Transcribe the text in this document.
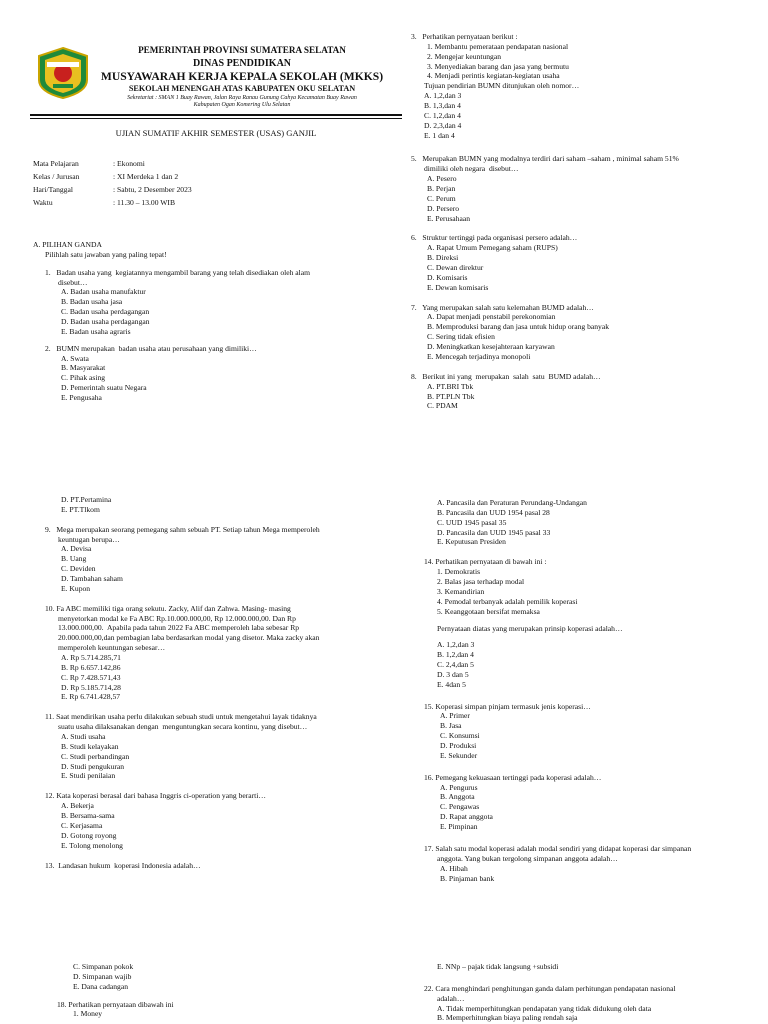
PEMERINTAH PROVINSI SUMATERA SELATAN
DINAS PENDIDIKAN
MUSYAWARAH KERJA KEPALA SEKOLAH (MKKS)
SEKOLAH MENENGAH ATAS KABUPATEN OKU SELATAN
Sekretariat : SMAN 1 Buay Rawan, Jalan Raya Ranau Gunung Cahya Kecamatan Buay Rawan
Kabupaten Ogan Komering Ulu Selatan
UJIAN SUMATIF AKHIR SEMESTER (USAS) GANJIL
Mata Pelajaran	: Ekonomi
Kelas / Jurusan	: XI Merdeka 1 dan 2
Hari/Tanggal	: Sabtu, 2 Desember 2023
Waktu	: 11.30 – 13.00 WIB
A. PILIHAN GANDA
Pilihlah satu jawaban yang paling tepat!
1.   Badan usaha yang  kegiatannya mengambil barang yang telah disediakan oleh alam
disebut…
A. Badan usaha manufaktur
B. Badan usaha jasa
C. Badan usaha perdagangan
D. Badan usaha perdagangan
E. Badan usaha agraris
2.   BUMN merupakan  badan usaha atau perusahaan yang dimiliki…
A. Swata
B. Masyarakat
C. Pihak asing
D. Pemerintah suatu Negara
E. Pengusaha
3.   Perhatikan pernyataan berikut :
1. Membantu pemerataan pendapatan nasional
2. Mengejar keuntungan
3. Menyediakan barang dan jasa yang bermutu
4. Menjadi perintis kegiatan-kegiatan usaha
Tujuan pendirian BUMN ditunjukan oleh nomor…
A. 1,2,dan 3
B. 1,3,dan 4
C. 1,2,dan 4
D. 2,3,dan 4
E. 1 dan 4
5.   Merupakan BUMN yang modalnya terdiri dari saham –saham , minimal saham 51%
dimiliki oleh negara  disebut…
A. Pesero
B. Perjan
C. Perum
D. Persero
E. Perusahaan
6.   Struktur tertinggi pada organisasi persero adalah…
A. Rapat Umum Pemegang saham (RUPS)
B. Direksi
C. Dewan direktur
D. Komisaris
E. Dewan komisaris
7.   Yang merupakan salah satu kelemahan BUMD adalah…
A. Dapat menjadi penstabil perekonomian
B. Memproduksi barang dan jasa untuk hidup orang banyak
C. Sering tidak efisien
D. Meningkatkan kesejahteraan karyawan
E. Mencegah terjadinya monopoli
8.   Berikut ini yang  merupakan  salah  satu  BUMD adalah…
A. PT.BRI Tbk
B. PT.PLN Tbk
C. PDAM
D. PT.Pertamina
E. PT.Tlkom
9.   Mega merupakan seorang pemegang sahm sebuah PT. Setiap tahun Mega memperoleh
keuntugan berupa…
A. Devisa
B. Uang
C. Deviden
D. Tambahan saham
E. Kupon
10. Fa ABC memiliki tiga orang sekutu. Zacky, Alif dan Zahwa. Masing- masing
menyetorkan modal ke Fa ABC Rp.10.000.000,00, Rp 12.000.000,00. Dan Rp
13.000.000,00.  Apabila pada tahun 2022 Fa ABC memperoleh laba sebesar Rp
20.000.000,00,dan pembagian laba berdasarkan modal yang disetor. Maka zacky akan
memperoleh keuntungan sebesar…
A. Rp 5.714.285,71
B. Rp 6.657.142,86
C. Rp 7.428.571,43
D. Rp 5.185.714,28
E. Rp 6.741.428,57
11. Saat mendirikan usaha perlu dilakukan sebuah studi untuk mengetahui layak tidaknya
suatu usaha dilaksanakan dengan  menguntungkan secara kontinu, yang disebut…
A. Studi usaha
B. Studi kelayakan
C. Studi perbandingan
D. Studi pengukuran
E. Studi penilaian
12. Kata koperasi berasal dari bahasa Inggris ci-operation yang berarti…
A. Bekerja
B. Bersama-sama
C. Kerjasama
D. Gotong royong
E. Tolong menolong
13.  Landasan hukum  koperasi Indonesia adalah…
A. Pancasila dan Peraturan Perundang-Undangan
B. Pancasila dan UUD 1954 pasal 28
C. UUD 1945 pasal 35
D. Pancasila dan UUD 1945 pasal 33
E. Keputusan Presiden
14. Perhatikan pernyataan di bawah ini :
1. Demokratis
2. Balas jasa terhadap modal
3. Kemandirian
4. Pemodal terbanyak adalah pemilik koperasi
5. Keanggotaan bersifat memaksa
Pernyataan diatas yang merupakan prinsip koperasi adalah…
A. 1,2,dan 3
B. 1,2,dan 4
C. 2,4,dan 5
D. 3 dan 5
E. 4dan 5
15. Koperasi simpan pinjam termasuk jenis koperasi…
A. Primer
B. Jasa
C. Konsumsi
D. Produksi
E. Sekunder
16. Pemegang kekuasaan tertinggi pada koperasi adalah…
A. Pengurus
B. Anggota
C. Pengawas
D. Rapat anggota
E. Pimpinan
17. Salah satu modal koperasi adalah modal sendiri yang didapat koperasi dar simpanan
anggota. Yang bukan tergolong simpanan anggota adalah…
A. Hibah
B. Pinjaman bank
C. Simpanan pokok
D. Simpanan wajib
E. Dana cadangan
18. Perhatikan pernyataan dibawah ini
1. Money
E. NNp – pajak tidak langsung +subsidi
22. Cara menghindari penghitungan ganda dalam perhitungan pendapatan nasional
adalah…
A. Tidak memperhitungkan pendapatan yang tidak didukung oleh data
B. Memperhitungkan biaya paling rendah saja
